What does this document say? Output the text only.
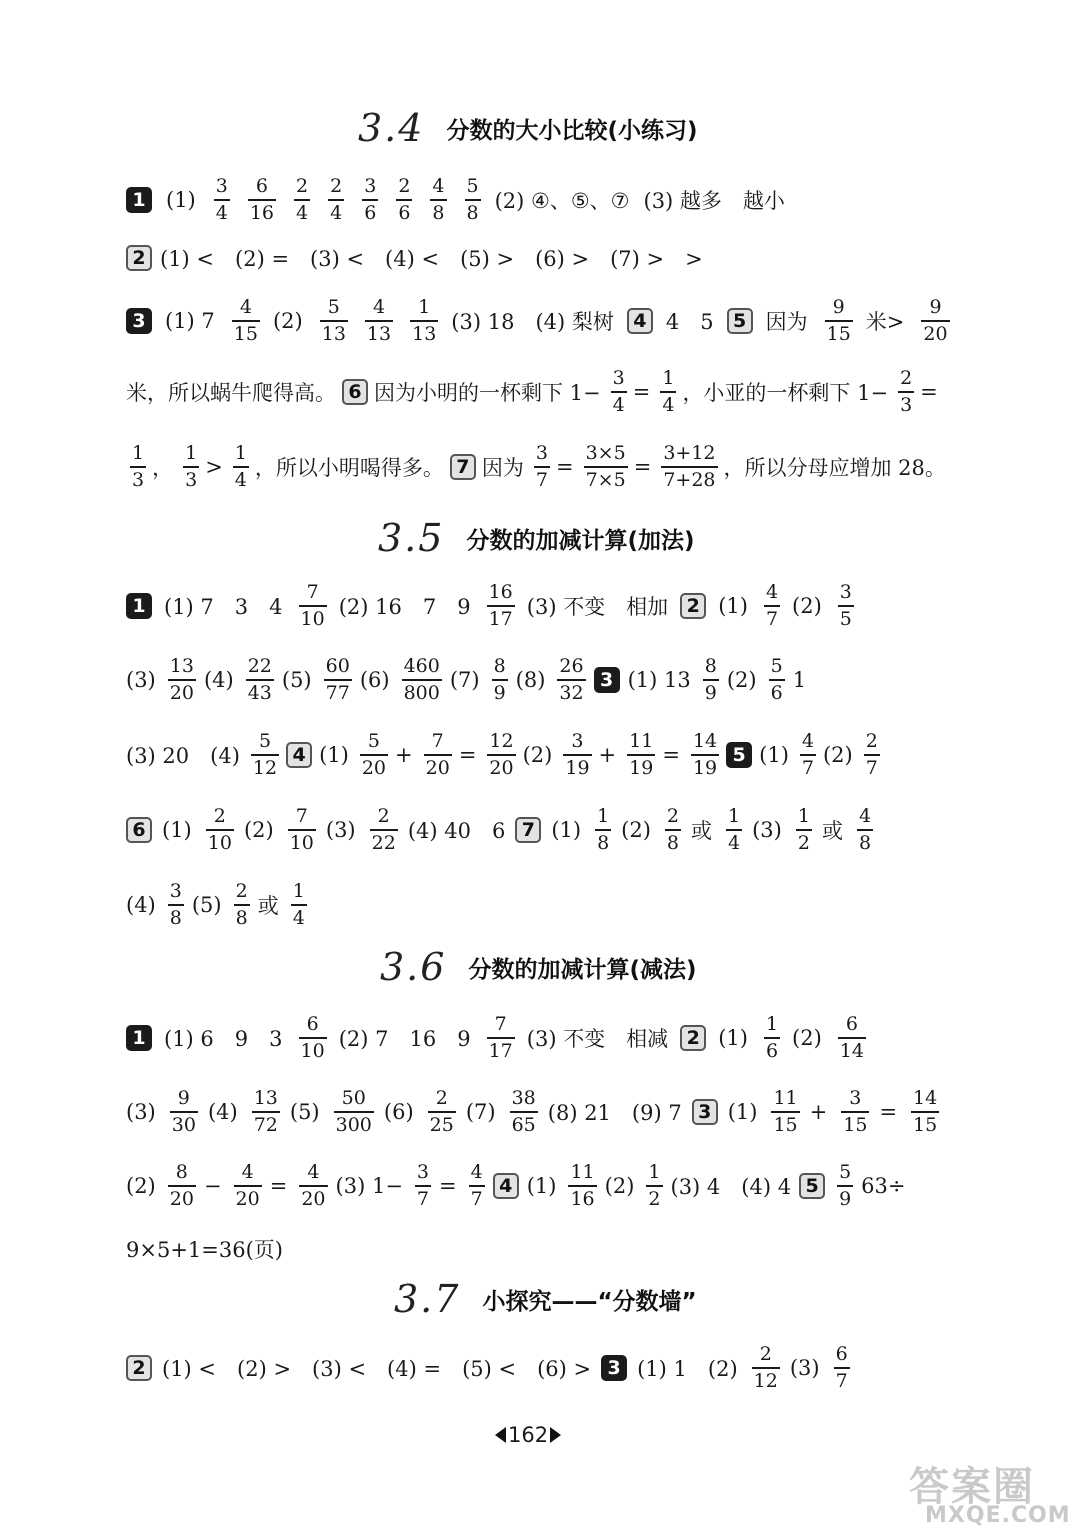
3.4 分数的大小比较(小练习)
3.5 分数的加减计算(加法)
3.6 分数的加减计算(减法)
3.7 小探究——“分数墙”
1 $(1) \frac{3}{4} \frac{6}{16} \frac{2}{4} \frac{2}{4} \frac{3}{6} \frac{2}{6} \frac{4}{8} \frac{5}{8} (2)$ ④、⑤、⑦ (3) 越多　越小
2 (1) <　(2) =　(3) <　(4) <　(5) >　(6) >　(7) >　>
3 (1) $7 \frac{4}{15} (2) \frac{5}{13} \frac{4}{13} \frac{1}{13} (3)$ 18　(4) 梨树	4 4　5	5 因为 $\frac{9}{15}$ 米> $\frac{9}{20}$
米，所以蜗牛爬得高。 6 因为小明的一杯剩下 $1- \frac{3}{4} = \frac{1}{4}$ ，小亚的一杯剩下 $1- \frac{2}{3}$ =
$\frac{1}{3}$ ， $\frac{1}{3} > \frac{1}{4}$ ，所以小明喝得多。 7 因为 $\frac{3}{7} = \frac{3\times 5}{7\times 5} = \frac{3+12}{7+28}$ ，所以分母应增加 28。
1 (1) 7　3　$4 \frac{7}{10} (2)$ 16　7　$9 \frac{16}{17} (3)$ 不变　相加 2 $(1) \frac{4}{7} (2) \frac{3}{5}$
$(3) \frac{13}{20} (4) \frac{22}{43} (5) \frac{60}{77} (6) \frac{460}{800} (7) \frac{8}{9} (8) \frac{26}{32} 3$ (1) $13 \frac{8}{9} (2) \frac{5}{6} 1$
(3) 20　$(4) \frac{5}{12} 4$ $(1) \frac{5}{20} + \frac{7}{20} = \frac{12}{20} (2) \frac{3}{19} + \frac{11}{19} = \frac{14}{19} 5$ $(1) \frac{4}{7} (2) \frac{2}{7}$
6 $(1) \frac{2}{10} (2) \frac{7}{10} (3) \frac{2}{22} (4)$ 40　6 7 $(1) \frac{1}{8} (2) \frac{2}{8}$ 或 $\frac{1}{4} (3) \frac{1}{2}$ 或 $\frac{4}{8}$
$(4) \frac{3}{8} (5) \frac{2}{8}$ 或 $\frac{1}{4}$
1 (1) 6　9　$3 \frac{6}{10} (2)$ 7　16　$9 \frac{7}{17} (3)$ 不变　相减 2 $(1) \frac{1}{6} (2) \frac{6}{14}$
$(3) \frac{9}{30} (4) \frac{13}{72} (5) \frac{50}{300} (6) \frac{2}{25} (7) \frac{38}{65} (8)$ 21　(9) 7 3 $(1) \frac{11}{15} + \frac{3}{15} = \frac{14}{15}$
$(2) \frac{8}{20} - \frac{4}{20} = \frac{4}{20} (3)$ $1- \frac{3}{7} = \frac{4}{7} 4$ $(1) \frac{11}{16} (2) \frac{1}{2} (3)$ 4　(4) 4 $5 \frac{5}{9} 63\div$
9×5+1=36(页)
2 (1) <　(2) >　(3) <　(4) =　(5) <　(6) > 3 (1) 1　$(2) \frac{2}{12} (3) \frac{6}{7}$
162
答案圈
MXQE.COM
